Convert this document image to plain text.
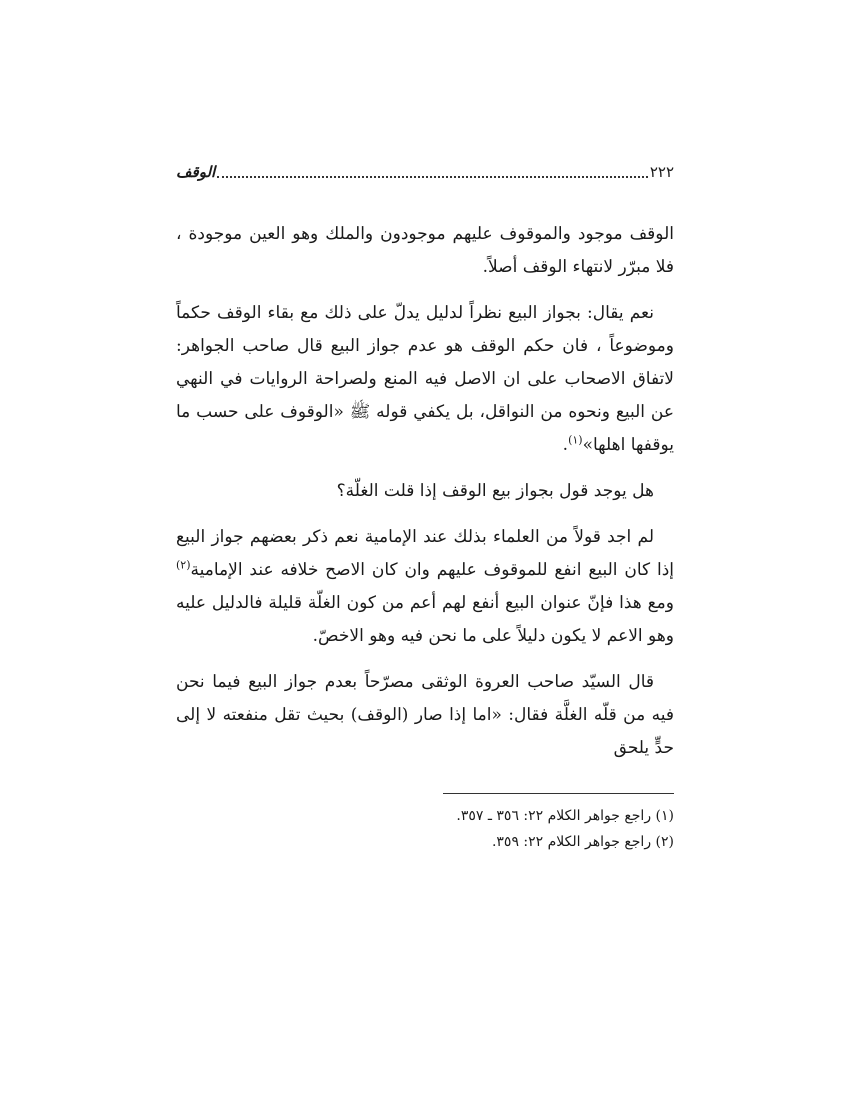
٢٢٢
الوقف

الوقف موجود والموقوف عليهم موجودون والملك وهو العين موجودة ، فلا مبرّر لانتهاء الوقف أصلاً.

نعم يقال: بجواز البيع نظراً لدليل يدلّ على ذلك مع بقاء الوقف حكماً وموضوعاً ، فان حكم الوقف هو عدم جواز البيع قال صاحب الجواهر: لاتفاق الاصحاب على ان الاصل فيه المنع ولصراحة الروايات في النهي عن البيع ونحوه من النواقل، بل يكفي قوله ﷺ «الوقوف على حسب ما يوقفها اهلها»$^{(١)}$.

هل يوجد قول بجواز بيع الوقف إذا قلت الغلّة؟

لم اجد قولاً من العلماء بذلك عند الإمامية نعم ذكر بعضهم جواز البيع إذا كان البيع انفع للموقوف عليهم وان كان الاصح خلافه عند الإمامية$^{(٢)}$ ومع هذا فإنّ عنوان البيع أنفع لهم أعم من كون الغلّة قليلة فالدليل عليه وهو الاعم لا يكون دليلاً على ما نحن فيه وهو الاخصّ.

قال السيّد صاحب العروة الوثقى مصرّحاً بعدم جواز البيع فيما نحن فيه من قلّه الغلَّة فقال: «اما إذا صار (الوقف) بحيث تقل منفعته لا إلى حدٍّ يلحق

(١) راجع جواهر الكلام ٢٢: ٣٥٦ ـ ٣٥٧.
(٢) راجع جواهر الكلام ٢٢: ٣٥٩.
